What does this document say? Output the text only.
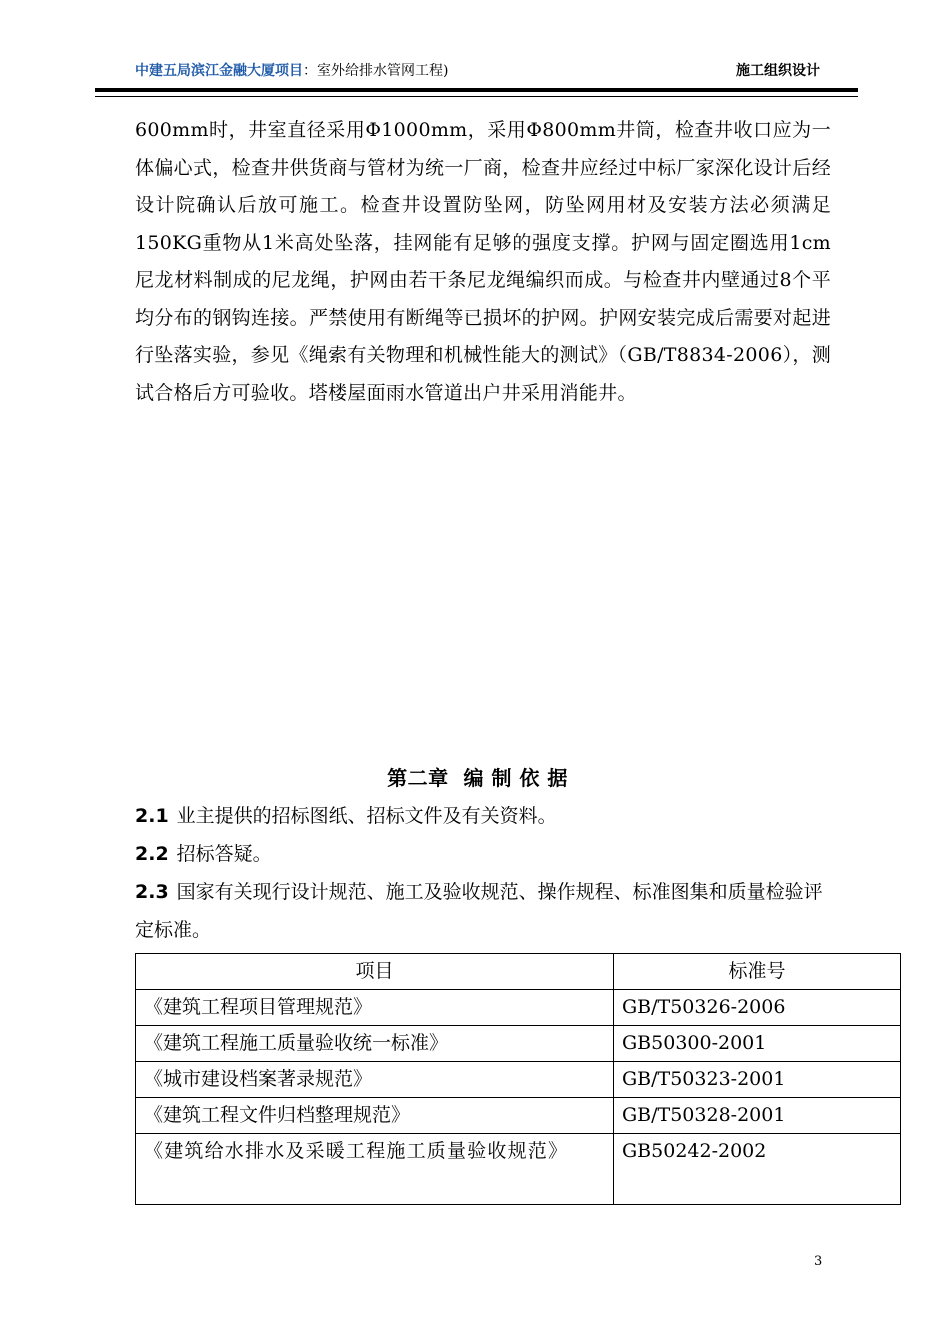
中建五局滨江金融大厦项目：室外给排水管网工程)	施工组织设计
600mm时，井室直径采用Φ1000mm，采用Φ800mm井筒，检查井收口应为一体偏心式，检查井供货商与管材为统一厂商，检查井应经过中标厂家深化设计后经设计院确认后放可施工。检查井设置防坠网，防坠网用材及安装方法必须满足150KG重物从1米高处坠落，挂网能有足够的强度支撑。护网与固定圈选用1cm尼龙材料制成的尼龙绳，护网由若干条尼龙绳编织而成。与检查井内壁通过8个平均分布的钢钩连接。严禁使用有断绳等已损坏的护网。护网安装完成后需要对起进行坠落实验，参见《绳索有关物理和机械性能大的测试》（GB/T8834-2006），测试合格后方可验收。塔楼屋面雨水管道出户井采用消能井。
第二章  编 制 依 据
2.1 业主提供的招标图纸、招标文件及有关资料。
2.2 招标答疑。
2.3 国家有关现行设计规范、施工及验收规范、操作规程、标准图集和质量检验评定标准。
项目	标准号
《建筑工程项目管理规范》	GB/T50326-2006
《建筑工程施工质量验收统一标准》	GB50300-2001
《城市建设档案著录规范》	GB/T50323-2001
《建筑工程文件归档整理规范》	GB/T50328-2001
《建筑给水排水及采暖工程施工质量验收规范》	GB50242-2002
3
